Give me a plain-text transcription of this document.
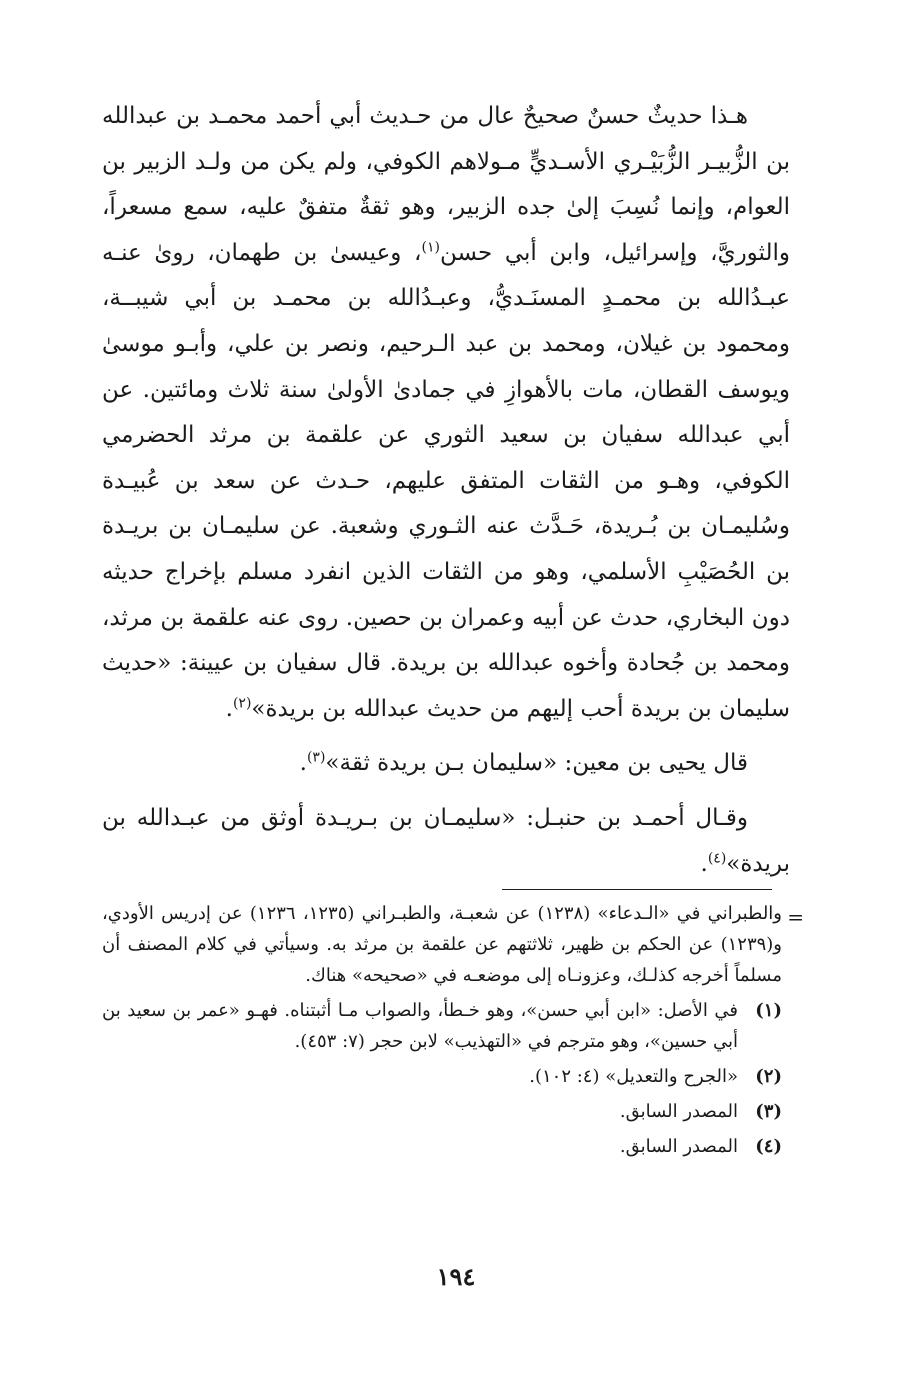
هـذا حديثٌ حسنٌ صحيحٌ عال من حـديث أبي أحمد محمـد بن عبدالله بن الزُّبيـر الزُّبَيْـري الأسـديٍّ مـولاهم الكوفي، ولم يكن من ولـد الزبير بن العوام، وإنما نُسِبَ إلىٰ جده الزبير، وهو ثقةٌ متفقٌ عليه، سمع مسعراً، والثوريَّ، وإسرائيل، وابن أبي حسن$^{(١)}$، وعيسىٰ بن طهمان، روىٰ عنـه عبـدُالله بن محمـدٍ المسنَـديُّ، وعبـدُالله بن محمـد بن أبي شيبــة، ومحمود بن غيلان، ومحمد بن عبد الـرحيم، ونصر بن علي، وأبـو موسىٰ ويوسف القطان، مات بالأهوازِ في جمادىٰ الأولىٰ سنة ثلاث ومائتين. عن أبي عبدالله سفيان بن سعيد الثوري عن علقمة بن مرثد الحضرمي الكوفي، وهـو من الثقات المتفق عليهم، حـدث عن سعد بن عُبيـدة وسُليمـان بن بُـريدة، حَـدَّث عنه الثـوري وشعبة. عن سليمـان بن بريـدة بن الحُصَيْبِ الأسلمي، وهو من الثقات الذين انفرد مسلم بإخراج حديثه دون البخاري، حدث عن أبيه وعمران بن حصين. روى عنه علقمة بن مرثد، ومحمد بن جُحادة وأخوه عبدالله بن بريدة. قال سفيان بن عيينة: «حديث سليمان بن بريدة أحب إليهم من حديث عبدالله بن بريدة»$^{(٢)}$.

قال يحيى بن معين: «سليمان بـن بريدة ثقة»$^{(٣)}$.

وقـال أحمـد بن حنبـل: «سليمـان بن بـريـدة أوثق من عبـدالله بن بريدة»$^{(٤)}$.

=
والطبراني في «الـدعاء» (١٢٣٨) عن شعبـة، والطبـراني (١٢٣٥، ١٢٣٦) عن إدريس الأودي، و(١٢٣٩) عن الحكم بن ظهير، ثلاثتهم عن علقمة بن مرثد به. وسيأتي في كلام المصنف أن مسلماً أخرجه كذلـك، وعزونـاه إلى موضعـه في «صحيحه» هناك.
(١)
في الأصل: «ابن أبي حسن»، وهو خـطأ، والصواب مـا أثبتناه. فهـو «عمر بن سعيد بن أبي حسين»، وهو مترجم في «التهذيب» لابن حجر (٧: ٤٥٣).
(٢)
«الجرح والتعديل» (٤: ١٠٢).
(٣)
المصدر السابق.
(٤)
المصدر السابق.
١٩٤
